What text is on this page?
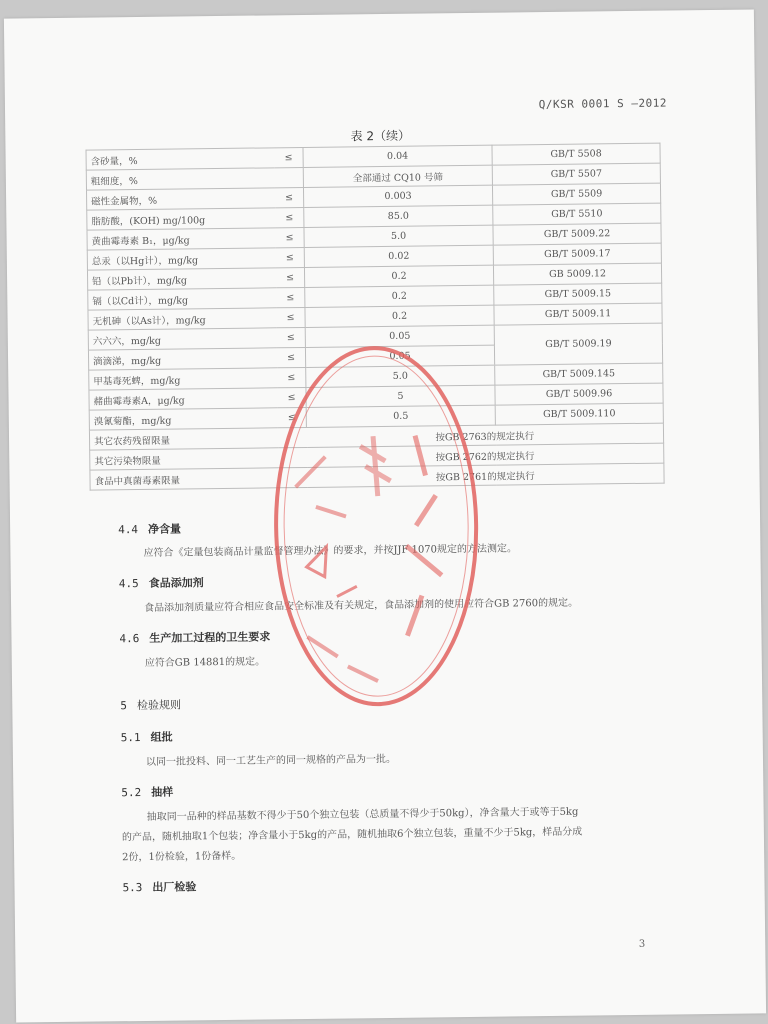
Q/KSR 0001 S —2012
表 2（续）
含砂量，%	≤	0.04	GB/T 5508
粗细度，%		全部通过 CQ10 号筛	GB/T 5507
磁性金属物，%	≤	0.003	GB/T 5509
脂肪酸，(KOH) mg/100g	≤	85.0	GB/T 5510
黄曲霉毒素 B₁，μg/kg	≤	5.0	GB/T 5009.22
总汞（以Hg计），mg/kg	≤	0.02	GB/T 5009.17
铅（以Pb计），mg/kg	≤	0.2	GB 5009.12
镉（以Cd计），mg/kg	≤	0.2	GB/T 5009.15
无机砷（以As计），mg/kg	≤	0.2	GB/T 5009.11
六六六，mg/kg	≤	0.05	GB/T 5009.19
滴滴涕，mg/kg	≤	0.05	
甲基毒死蜱，mg/kg	≤	5.0	GB/T 5009.145
赭曲霉毒素A，μg/kg	≤	5	GB/T 5009.96
溴氰菊酯，mg/kg	≤	0.5	GB/T 5009.110
其它农药残留限量		按GB 2763的规定执行	
其它污染物限量		按GB 2762的规定执行	
食品中真菌毒素限量		按GB 2761的规定执行	
4.4 净含量
应符合《定量包装商品计量监督管理办法》的要求，并按JJF 1070规定的方法测定。
4.5 食品添加剂
食品添加剂质量应符合相应食品安全标准及有关规定，食品添加剂的使用应符合GB 2760的规定。
4.6 生产加工过程的卫生要求
应符合GB 14881的规定。
5 检验规则
5.1 组批
以同一批投料、同一工艺生产的同一规格的产品为一批。
5.2 抽样
抽取同一品种的样品基数不得少于50个独立包装（总质量不得少于50kg），净含量大于或等于5kg
的产品，随机抽取1个包装；净含量小于5kg的产品，随机抽取6个独立包装，重量不少于5kg，样品分成
2份，1份检验，1份备样。
5.3 出厂检验
3
